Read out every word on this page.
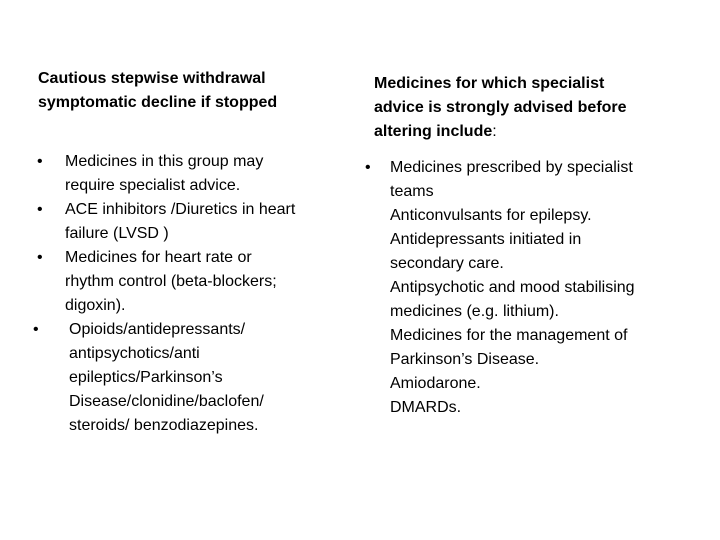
Cautious stepwise withdrawal
symptomatic decline if stopped
Medicines for which specialist
advice is strongly advised before
altering include:
• Medicines in this group may
require specialist advice.
• ACE inhibitors /Diuretics in heart
failure (LVSD )
• Medicines for heart rate or
rhythm control (beta-blockers;
digoxin).
• Opioids/antidepressants/
antipsychotics/anti
epileptics/Parkinson’s
Disease/clonidine/baclofen/
steroids/ benzodiazepines.
• Medicines prescribed by specialist
teams
Anticonvulsants for epilepsy.
Antidepressants initiated in
secondary care.
Antipsychotic and mood stabilising
medicines (e.g. lithium).
Medicines for the management of
Parkinson’s Disease.
Amiodarone.
DMARDs.
